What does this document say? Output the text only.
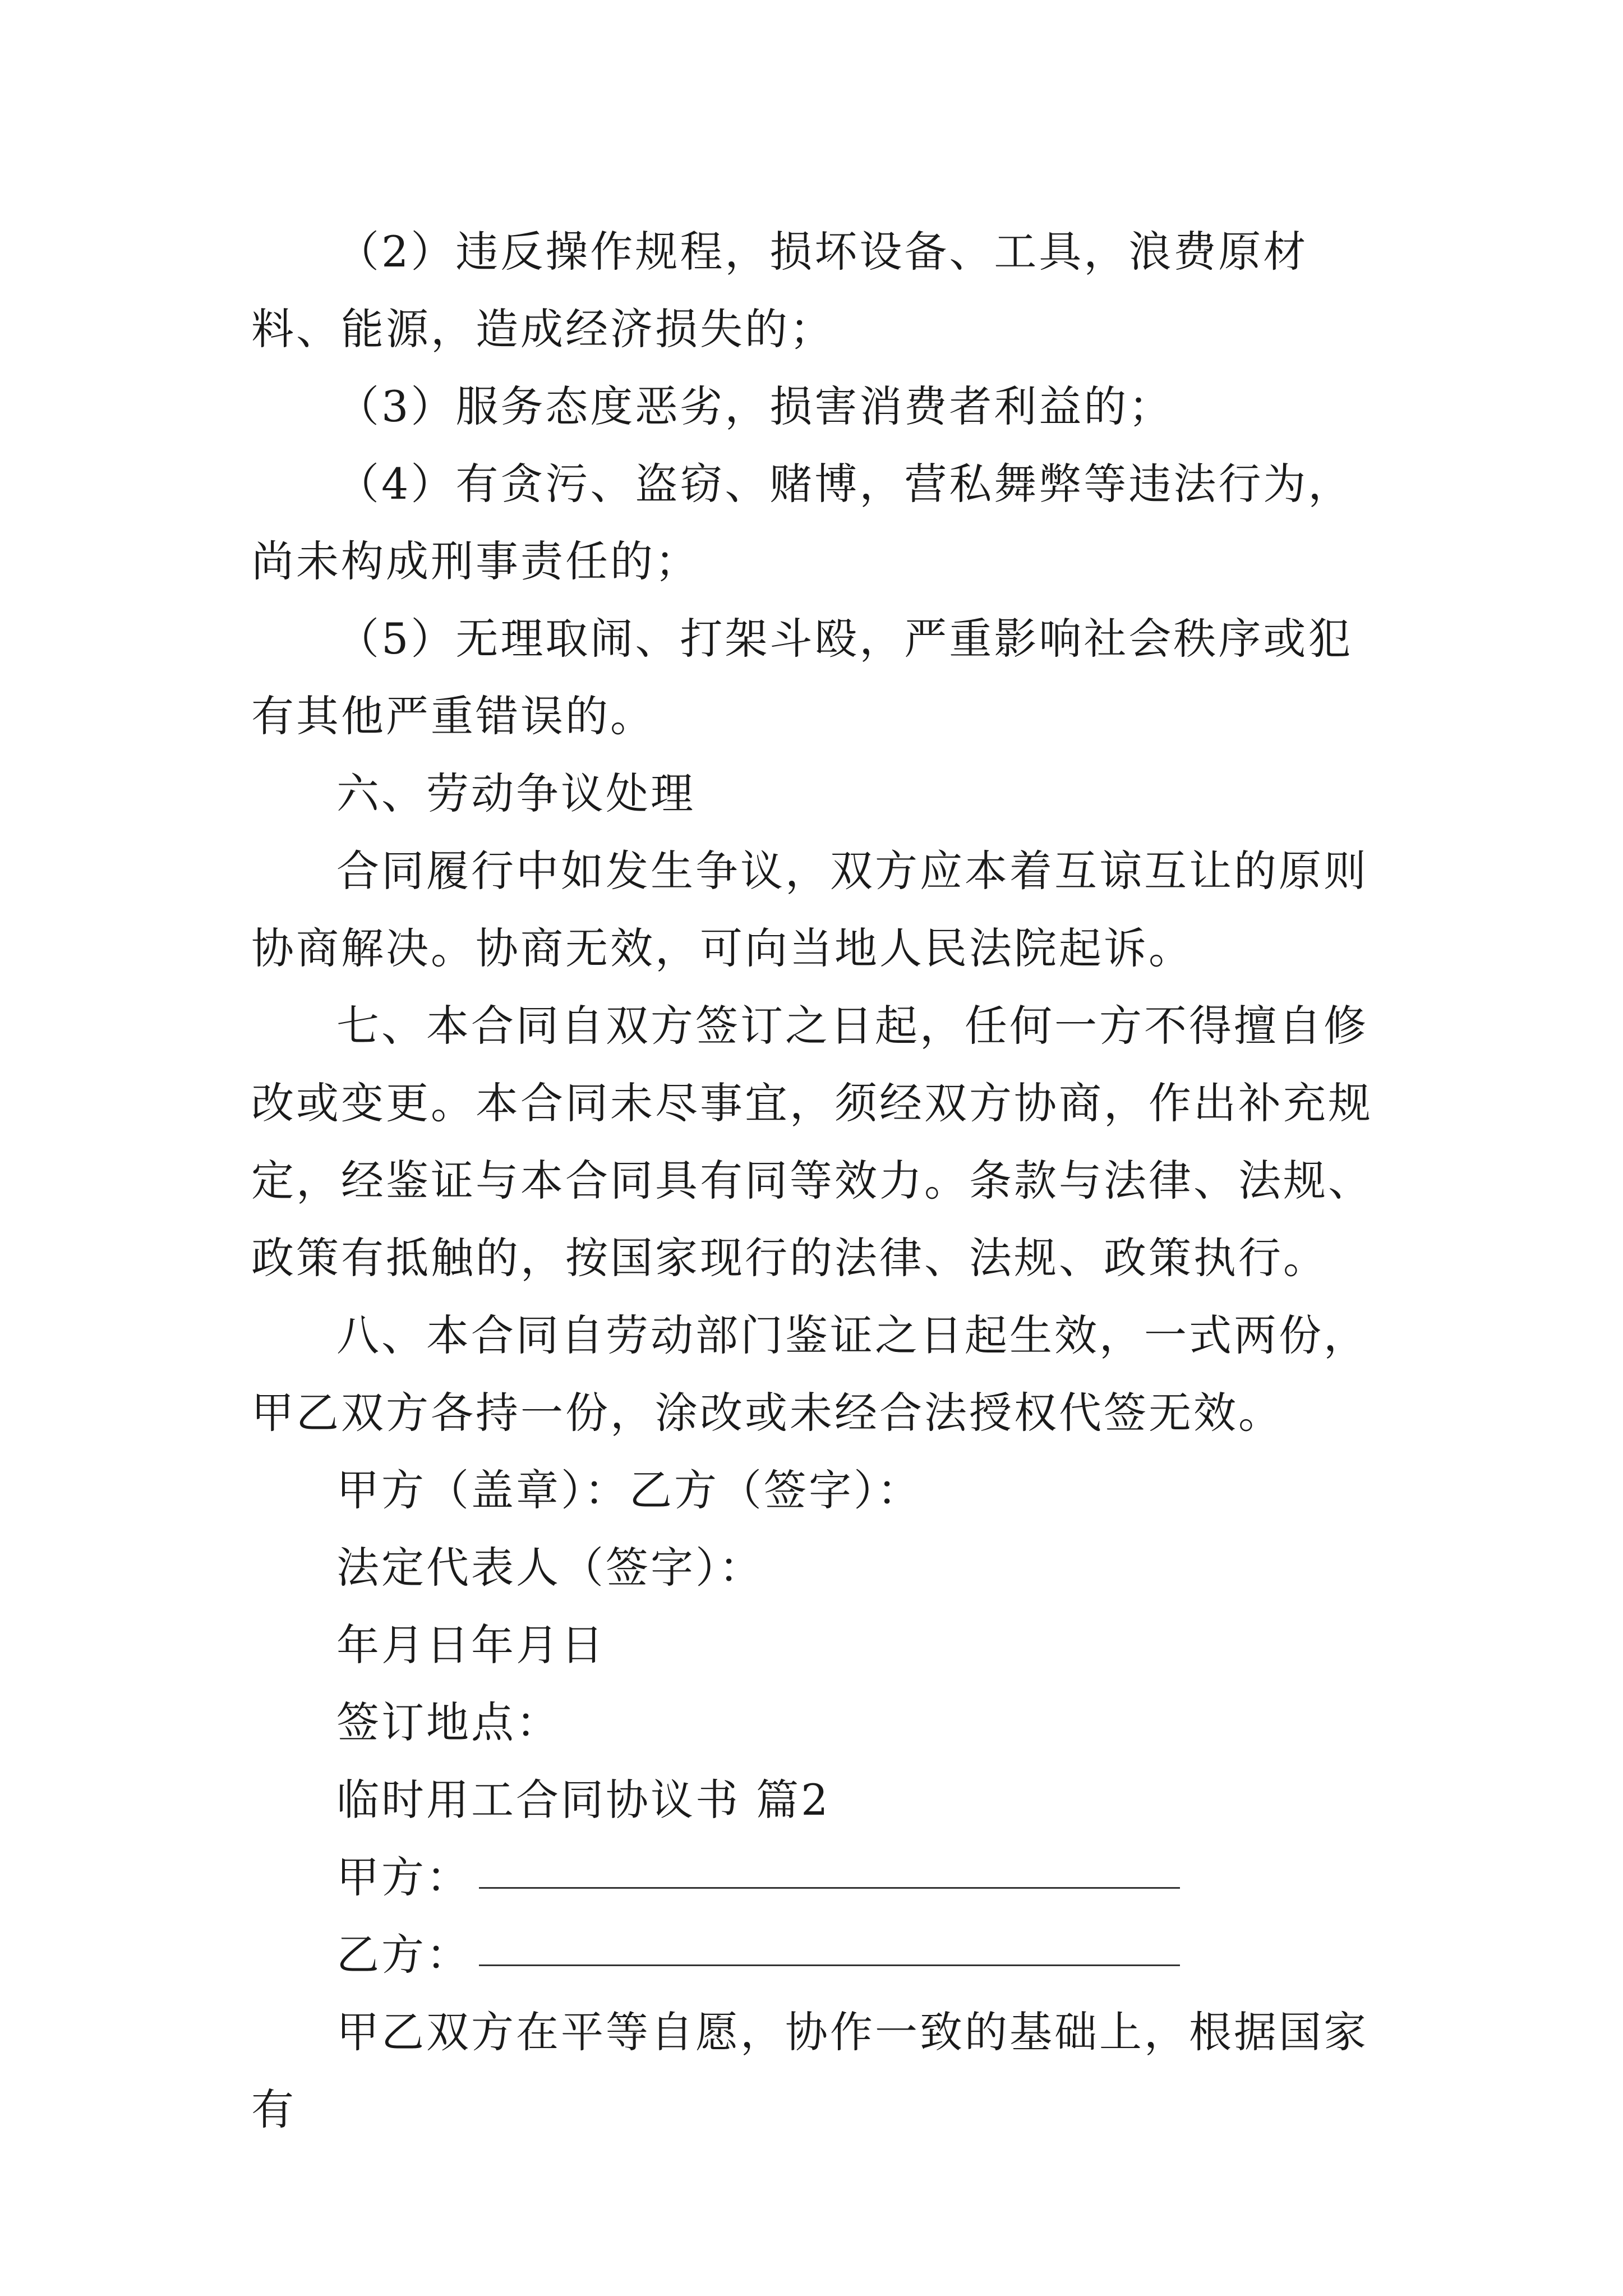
（2）违反操作规程，损坏设备、工具，浪费原材料、能源，造成经济损失的；

（3）服务态度恶劣，损害消费者利益的；

（4）有贪污、盗窃、赌博，营私舞弊等违法行为，尚未构成刑事责任的；

（5）无理取闹、打架斗殴，严重影响社会秩序或犯有其他严重错误的。

六、劳动争议处理

合同履行中如发生争议，双方应本着互谅互让的原则协商解决。协商无效，可向当地人民法院起诉。

七、本合同自双方签订之日起，任何一方不得擅自修改或变更。本合同未尽事宜，须经双方协商，作出补充规定，经鉴证与本合同具有同等效力。条款与法律、法规、政策有抵触的，按国家现行的法律、法规、政策执行。

八、本合同自劳动部门鉴证之日起生效，一式两份，甲乙双方各持一份，涂改或未经合法授权代签无效。

甲方（盖章）：乙方（签字）：

法定代表人（签字）：

年月日年月日

签订地点：

临时用工合同协议书 篇2

甲方：
乙方：

甲乙双方在平等自愿，协作一致的基础上，根据国家有
